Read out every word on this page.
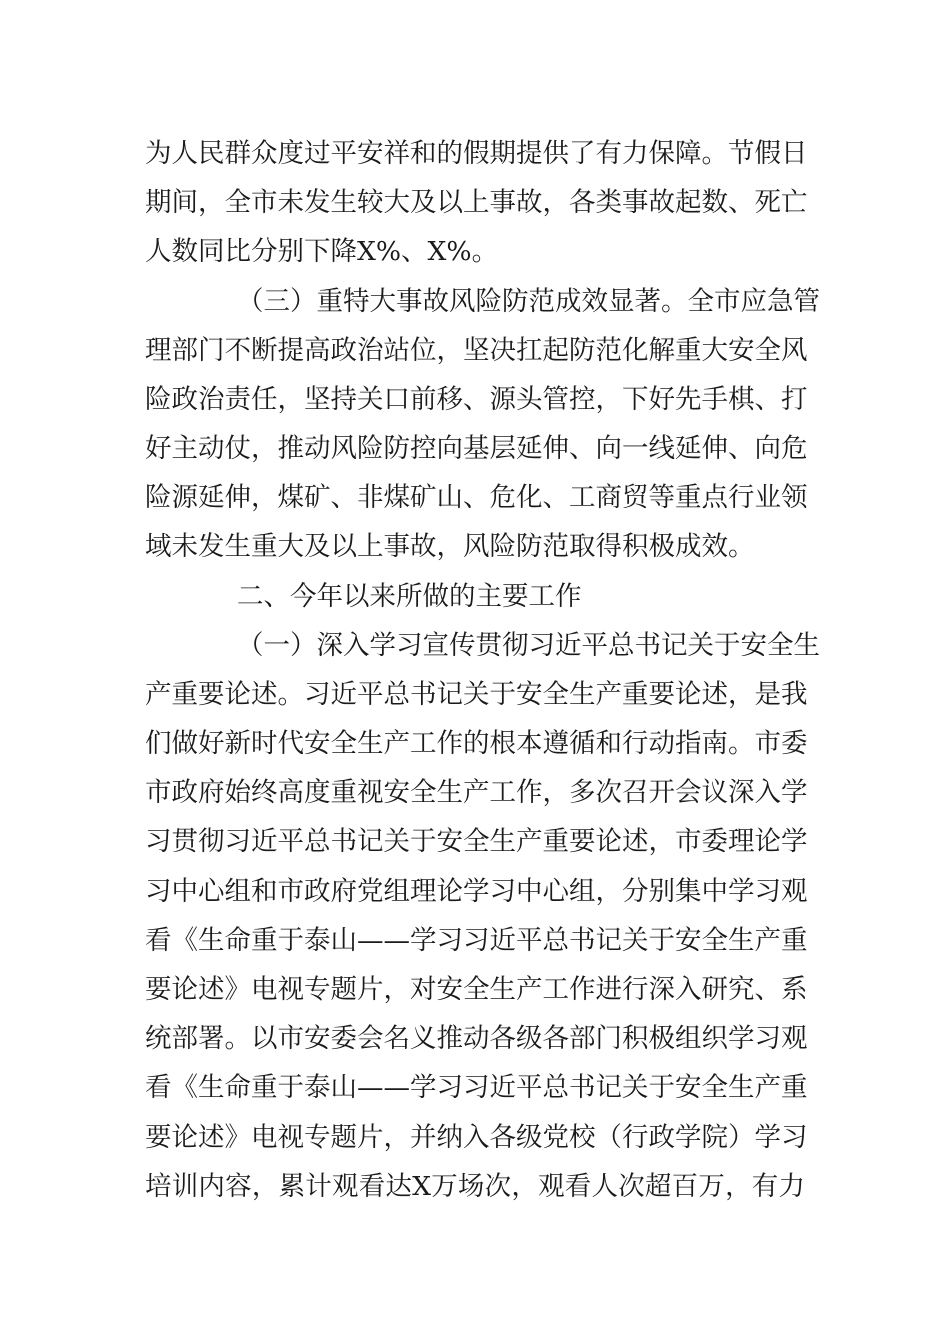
为人民群众度过平安祥和的假期提供了有力保障。节假日
期间，全市未发生较大及以上事故，各类事故起数、死亡
人数同比分别下降X%、X%。
（三）重特大事故风险防范成效显著。全市应急管
理部门不断提高政治站位，坚决扛起防范化解重大安全风
险政治责任，坚持关口前移、源头管控，下好先手棋、打
好主动仗，推动风险防控向基层延伸、向一线延伸、向危
险源延伸，煤矿、非煤矿山、危化、工商贸等重点行业领
域未发生重大及以上事故，风险防范取得积极成效。
二、今年以来所做的主要工作
（一）深入学习宣传贯彻习近平总书记关于安全生
产重要论述。习近平总书记关于安全生产重要论述，是我
们做好新时代安全生产工作的根本遵循和行动指南。市委
市政府始终高度重视安全生产工作，多次召开会议深入学
习贯彻习近平总书记关于安全生产重要论述，市委理论学
习中心组和市政府党组理论学习中心组，分别集中学习观
看《生命重于泰山——学习习近平总书记关于安全生产重
要论述》电视专题片，对安全生产工作进行深入研究、系
统部署。以市安委会名义推动各级各部门积极组织学习观
看《生命重于泰山——学习习近平总书记关于安全生产重
要论述》电视专题片，并纳入各级党校（行政学院）学习
培训内容，累计观看达X万场次，观看人次超百万，有力
